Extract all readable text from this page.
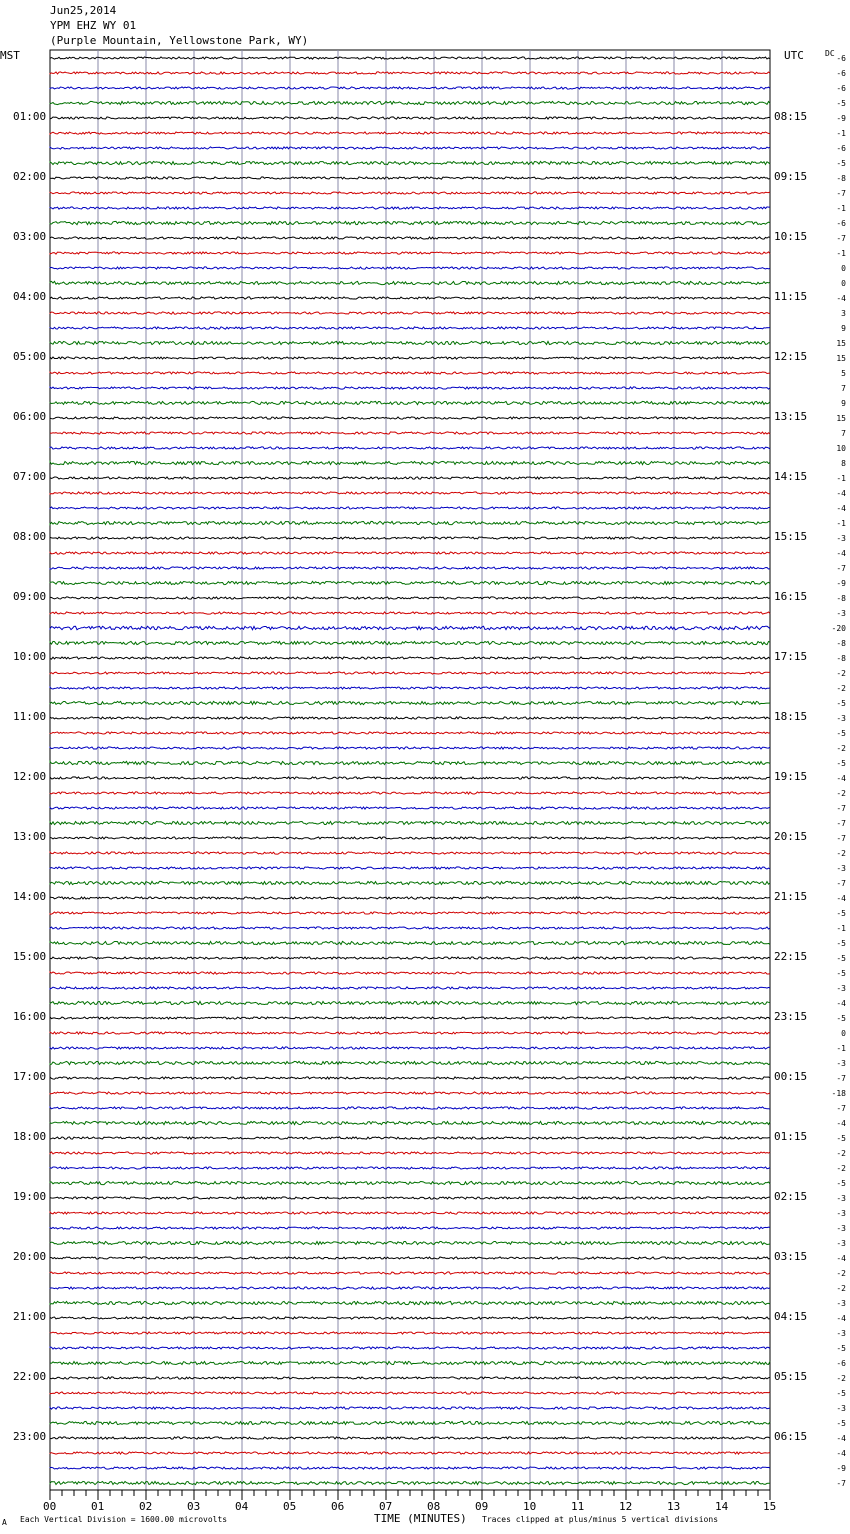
Jun25,2014
YPM EHZ WY 01
(Purple Mountain, Yellowstone Park, WY)
MST	UTC	DC
A Each Vertical Division = 1600.00 microvolts	TIME (MINUTES) Traces clipped at plus/minus 5 vertical divisions
01:00
02:00
03:00
04:00
05:00
06:00
07:00
08:00
09:00
10:00
11:00
12:00
13:00
14:00
15:00
16:00
17:00
18:00
19:00
20:00
21:00
22:00
23:00
08:15
09:15
10:15
11:15
12:15
13:15
14:15
15:15
16:15
17:15
18:15
19:15
20:15
21:15
22:15
23:15
00:15
01:15
02:15
03:15
04:15
05:15
06:15
-6
-6
-6
-5
-9
-1
-6
-5
-8
-7
-1
-6
-7
-1
0
0
-4
3
9
15
15
5
7
9
15
7
10
8
-1
-4
-4
-1
-3
-4
-7
-9
-8
-3
-20
-8
-8
-2
-2
-5
-3
-5
-2
-5
-4
-2
-7
-7
-7
-2
-3
-7
-4
-5
-1
-5
-5
-5
-3
-4
-5
0
-1
-3
-7
-18
-7
-4
-5
-2
-2
-5
-3
-3
-3
-3
-4
-2
-2
-3
-4
-3
-5
-6
-2
-5
-3
-5
-4
-4
-9
-7
00	01	02	03	04	05	06	07	08	09	10	11	12	13	14	15
